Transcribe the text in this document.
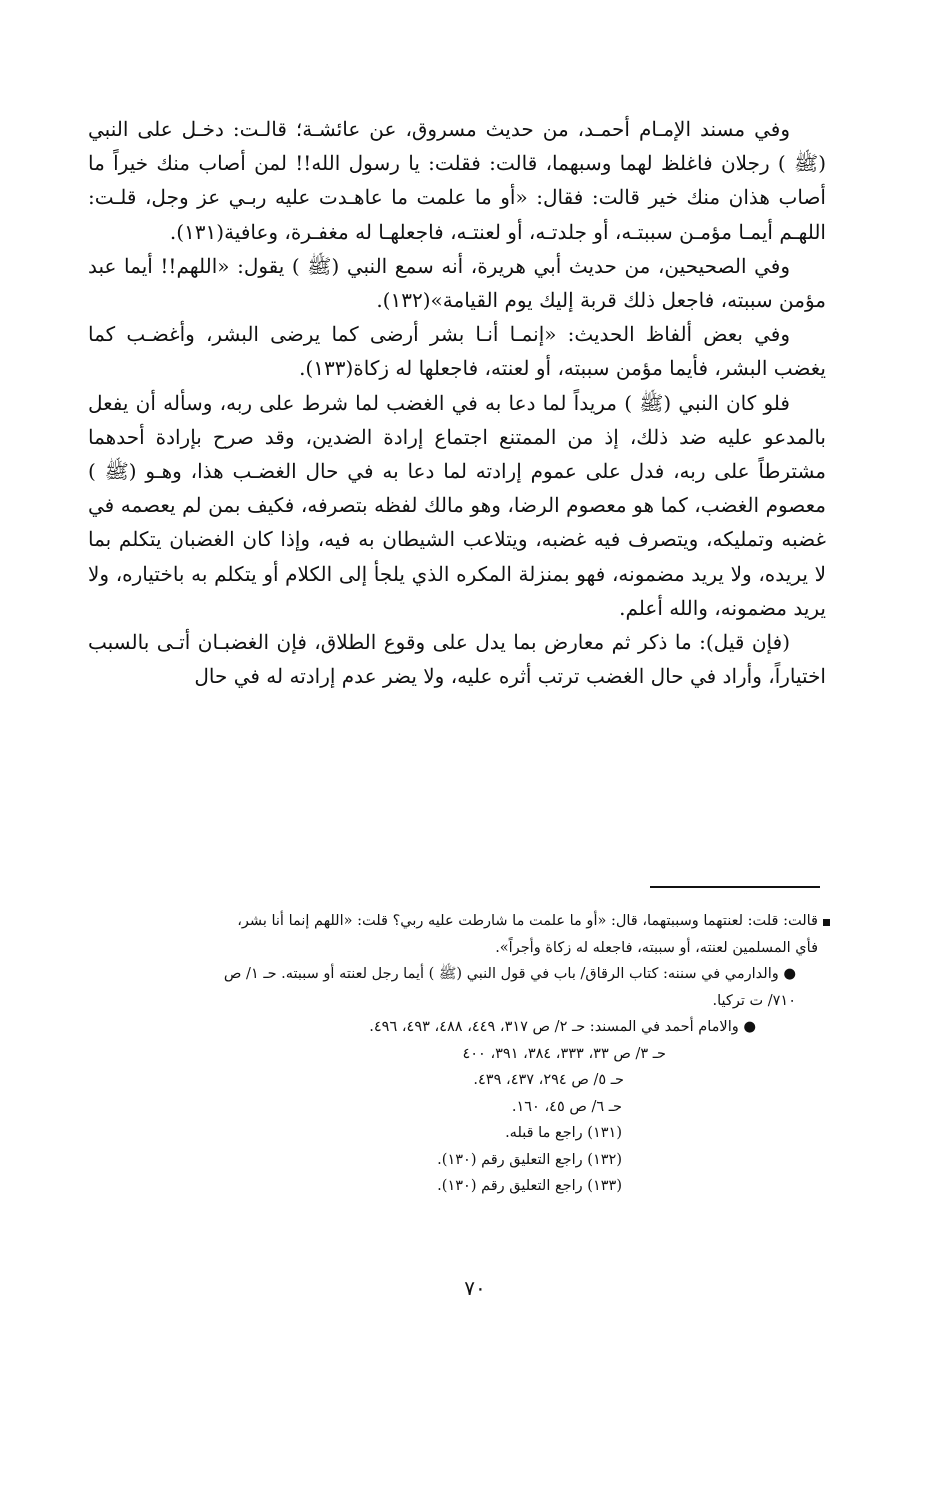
وفي مسند الإمـام أحمـد، من حديث مسروق، عن عائشـة؛ قالـت: دخـل على النبي (ﷺ ) رجلان فاغلظ لهما وسبهما، قالت: فقلت: يا رسول الله!! لمن أصاب منك خيراً ما أصاب هذان منك خير قالت: فقال: «أو ما علمت ما عاهـدت عليه ربـي عز وجل، قلـت: اللهـم أيمـا مؤمـن سببتـه، أو جلدتـه، أو لعنتـه، فاجعلهـا له مغفـرة، وعافية(١٣١).

وفي الصحيحين، من حديث أبي هريرة، أنه سمع النبي (ﷺ ) يقول: «اللهم!! أيما عبد مؤمن سببته، فاجعل ذلك قربة إليك يوم القيامة»(١٣٢).

وفي بعض ألفاظ الحديث: «إنمـا أنـا بشر أرضى كما يرضى البشر، وأغضـب كما يغضب البشر، فأيما مؤمن سببته، أو لعنته، فاجعلها له زكاة(١٣٣).

فلو كان النبي (ﷺ ) مريداً لما دعا به في الغضب لما شرط على ربه، وسأله أن يفعل بالمدعو عليه ضد ذلك، إذ من الممتنع اجتماع إرادة الضدين، وقد صرح بإرادة أحدهما مشترطاً على ربه، فدل على عموم إرادته لما دعا به في حال الغضـب هذا، وهـو (ﷺ ) معصوم الغضب، كما هو معصوم الرضا، وهو مالك لفظه بتصرفه، فكيف بمن لم يعصمه في غضبه وتمليكه، ويتصرف فيه غضبه، ويتلاعب الشيطان به فيه، وإذا كان الغضبان يتكلم بما لا يريده، ولا يريد مضمونه، فهو بمنزلة المكره الذي يلجأ إلى الكلام أو يتكلم به باختياره، ولا يريد مضمونه، والله أعلم.

(فإن قيل): ما ذكر ثم معارض بما يدل على وقوع الطلاق، فإن الغضبـان أتـى بالسبب اختياراً، وأراد في حال الغضب ترتب أثره عليه، ولا يضر عدم إرادته له في حال

قالت: قلت: لعنتهما وسببتهما، قال: «أو ما علمت ما شارطت عليه ربي؟ قلت: «اللهم إنما أنا بشر، فأي المسلمين لعنته، أو سببته، فاجعله له زكاة وأجراً».

● والدارمي في سننه: كتاب الرقاق/ باب في قول النبي (ﷺ ) أيما رجل لعنته أو سببته. حـ ١/ ص ٧١٠/ ت تركيا.

● والامام أحمد في المسند: حـ ٢/ ص ٣١٧، ٤٤٩، ٤٨٨، ٤٩٣، ٤٩٦.

حـ ٣/ ص ٣٣، ٣٣٣، ٣٨٤، ٣٩١، ٤٠٠

حـ ٥/ ص ٢٩٤، ٤٣٧، ٤٣٩.

حـ ٦/ ص ٤٥، ١٦٠.

(١٣١) راجع ما قبله.

(١٣٢) راجع التعليق رقم (١٣٠).

(١٣٣) راجع التعليق رقم (١٣٠).

٧٠
